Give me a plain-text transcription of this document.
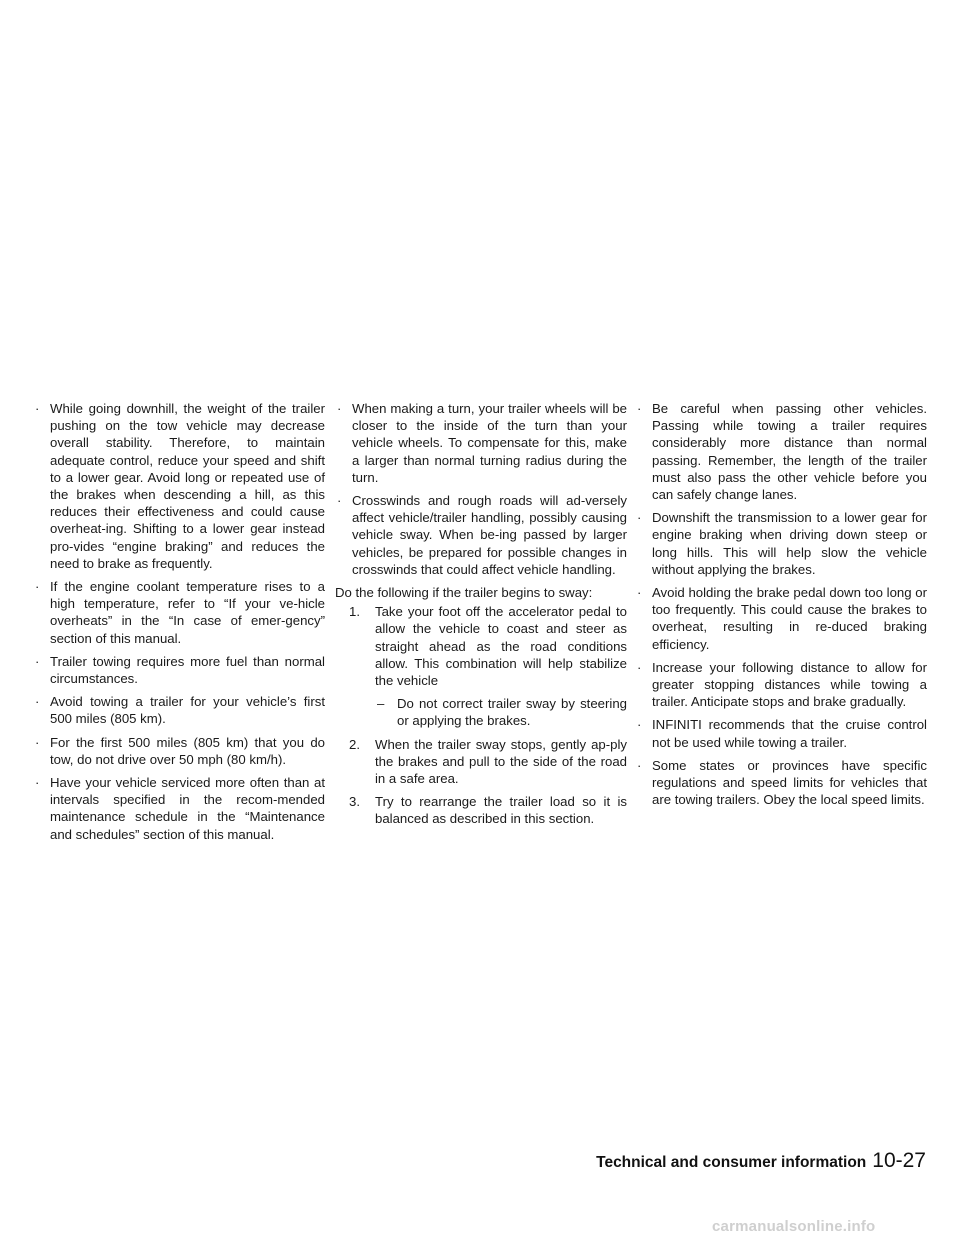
· While going downhill, the weight of the trailer pushing on the tow vehicle may decrease overall stability. Therefore, to maintain adequate control, reduce your speed and shift to a lower gear. Avoid long or repeated use of the brakes when descending a hill, as this reduces their effectiveness and could cause overheat-ing. Shifting to a lower gear instead pro-vides “engine braking” and reduces the need to brake as frequently.
· If the engine coolant temperature rises to a high temperature, refer to “If your ve-hicle overheats” in the “In case of emer-gency” section of this manual.
· Trailer towing requires more fuel than normal circumstances.
· Avoid towing a trailer for your vehicle’s first 500 miles (805 km).
· For the first 500 miles (805 km) that you do tow, do not drive over 50 mph (80 km/h).
· Have your vehicle serviced more often than at intervals specified in the recom-mended maintenance schedule in the “Maintenance and schedules” section of this manual.
· When making a turn, your trailer wheels will be closer to the inside of the turn than your vehicle wheels. To compensate for this, make a larger than normal turning radius during the turn.
· Crosswinds and rough roads will ad-versely affect vehicle/trailer handling, possibly causing vehicle sway. When be-ing passed by larger vehicles, be prepared for possible changes in crosswinds that could affect vehicle handling.
Do the following if the trailer begins to sway:
1. Take your foot off the accelerator pedal to allow the vehicle to coast and steer as straight ahead as the road conditions allow. This combination will help stabilize the vehicle
– Do not correct trailer sway by steering or applying the brakes.
2. When the trailer sway stops, gently ap-ply the brakes and pull to the side of the road in a safe area.
3. Try to rearrange the trailer load so it is balanced as described in this section.
· Be careful when passing other vehicles. Passing while towing a trailer requires considerably more distance than normal passing. Remember, the length of the trailer must also pass the other vehicle before you can safely change lanes.
· Downshift the transmission to a lower gear for engine braking when driving down steep or long hills. This will help slow the vehicle without applying the brakes.
· Avoid holding the brake pedal down too long or too frequently. This could cause the brakes to overheat, resulting in re-duced braking efficiency.
· Increase your following distance to allow for greater stopping distances while towing a trailer. Anticipate stops and brake gradually.
· INFINITI recommends that the cruise control not be used while towing a trailer.
· Some states or provinces have specific regulations and speed limits for vehicles that are towing trailers. Obey the local speed limits.
Technical and consumer information 10-27
carmanualsonline.info
